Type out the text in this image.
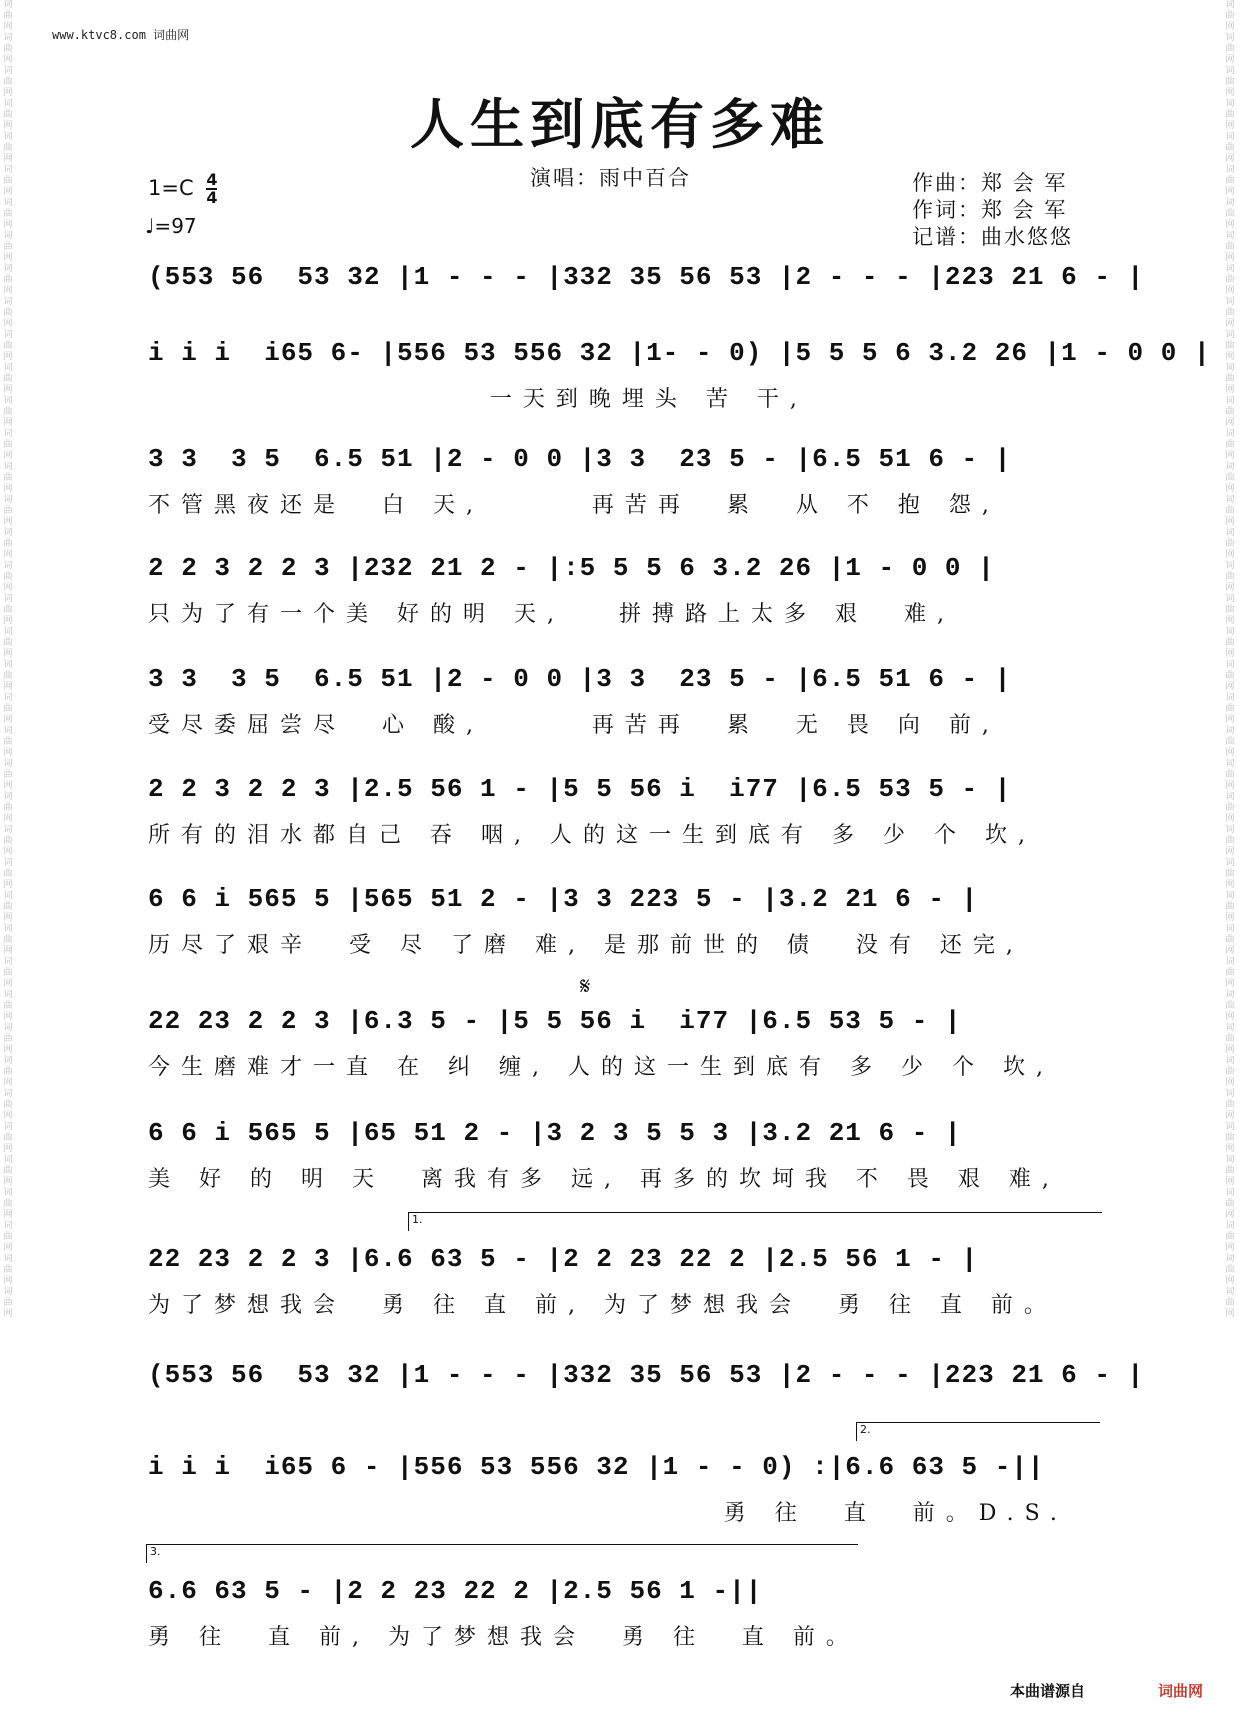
www.ktvc8.com 词曲网
词曲网词曲网词曲网词曲网词曲网词曲网词曲网词曲网词曲网词曲网词曲网词曲网词曲网词曲网词曲网词曲网词曲网词曲网词曲网词曲网词曲网词曲网词曲网词曲网词曲网词曲网词曲网词曲网词曲网词曲网词曲网词曲网词曲网词曲网词曲网词曲网词曲网词曲网词曲网词曲网
词曲网词曲网词曲网词曲网词曲网词曲网词曲网词曲网词曲网词曲网词曲网词曲网词曲网词曲网词曲网词曲网词曲网词曲网词曲网词曲网词曲网词曲网词曲网词曲网词曲网词曲网词曲网词曲网词曲网词曲网词曲网词曲网词曲网词曲网词曲网词曲网词曲网词曲网词曲网词曲网
人生到底有多难
演唱：雨中百合
$1=C \frac{4}{4}$
♩=97
作曲：郑 会 军
作词：郑 会 军
记谱：曲水悠悠
(553 56  53 32 |1 - - - |332 35 56 53 |2 - - - |223 21 6 - |
i i i  i65 6- |556 53 556 32 |1- - 0) |5 5 5 6 3.2 26 |1 - 0 0 |
一天到晚埋头 苦 干,
3 3  3 5  6.5 51 |2 - 0 0 |3 3  23 5 - |6.5 51 6 - |
不管黑夜还是  白 天,      再苦再  累  从 不 抱 怨,
2 2 3 2 2 3 |232 21 2 - |:5 5 5 6 3.2 26 |1 - 0 0 |
只为了有一个美 好的明 天,   拼搏路上太多 艰  难,
3 3  3 5  6.5 51 |2 - 0 0 |3 3  23 5 - |6.5 51 6 - |
受尽委屈尝尽  心 酸,      再苦再  累  无 畏 向 前,
2 2 3 2 2 3 |2.5 56 1 - |5 5 56 i  i77 |6.5 53 5 - |
所有的泪水都自己 吞 咽, 人的这一生到底有 多 少 个 坎,
6 6 i 565 5 |565 51 2 - |3 3 223 5 - |3.2 21 6 - |
历尽了艰辛  受 尽 了磨 难, 是那前世的 债  没有 还完,
22 23 2 2 3 |6.3 5 - |5 5 56 i  i77 |6.5 53 5 - |
今生磨难才一直 在 纠 缠, 人的这一生到底有 多 少 个 坎,
6 6 i 565 5 |65 51 2 - |3 2 3 5 5 3 |3.2 21 6 - |
美 好 的 明 天  离我有多 远, 再多的坎坷我 不 畏 艰 难,
22 23 2 2 3 |6.6 63 5 - |2 2 23 22 2 |2.5 56 1 - |
为了梦想我会  勇 往 直 前, 为了梦想我会  勇 往 直 前。
(553 56  53 32 |1 - - - |332 35 56 53 |2 - - - |223 21 6 - |
i i i  i65 6 - |556 53 556 32 |1 - - 0) :|6.6 63 5 -||
勇 往  直  前。D.S.
6.6 63 5 - |2 2 23 22 2 |2.5 56 1 -||
勇 往  直 前, 为了梦想我会  勇 往  直 前。
𝄋
1.
2.
3.
本曲谱源自	词曲网
